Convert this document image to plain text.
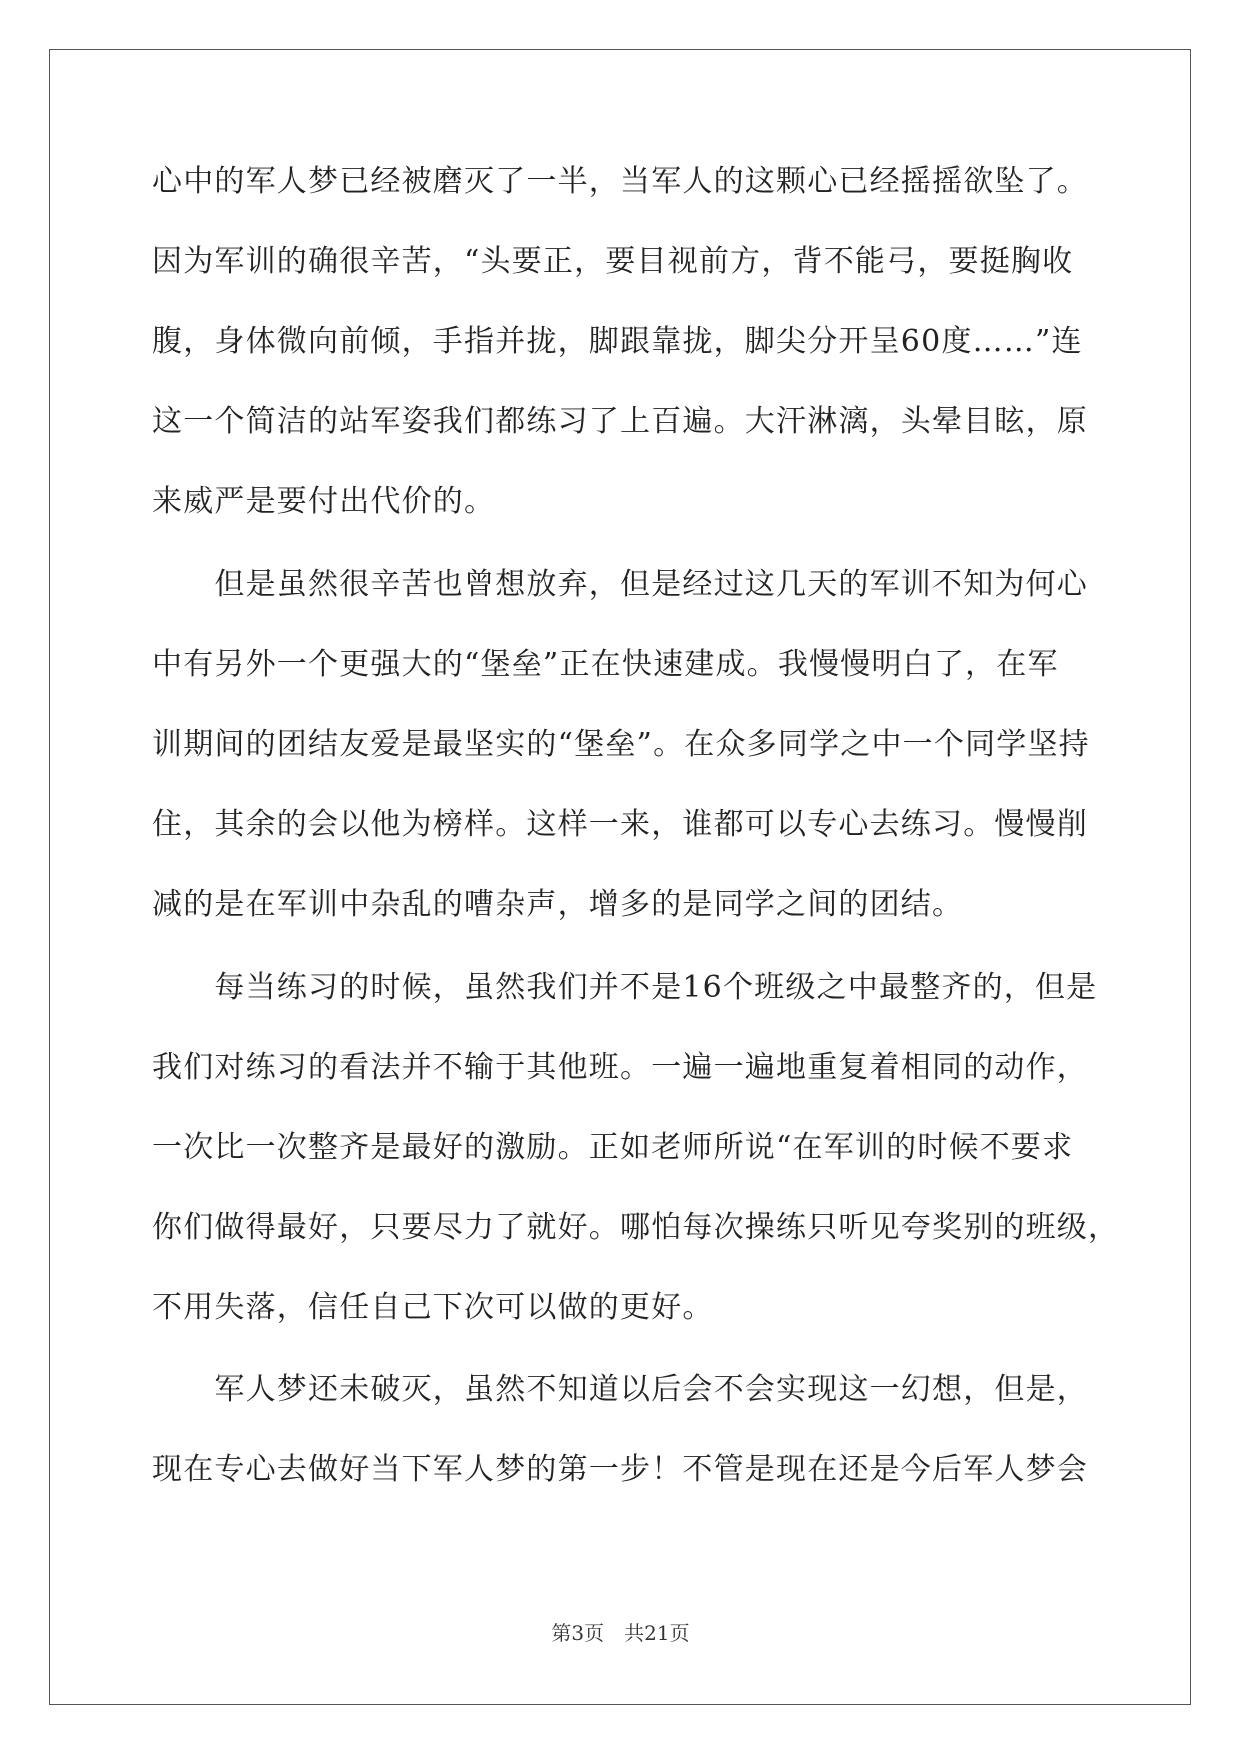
心中的军人梦已经被磨灭了一半，当军人的这颗心已经摇摇欲坠了。
因为军训的确很辛苦，“头要正，要目视前方，背不能弓，要挺胸收
腹，身体微向前倾，手指并拢，脚跟靠拢，脚尖分开呈60度……”连
这一个简洁的站军姿我们都练习了上百遍。大汗淋漓，头晕目眩，原
来威严是要付出代价的。
　　但是虽然很辛苦也曾想放弃，但是经过这几天的军训不知为何心
中有另外一个更强大的“堡垒”正在快速建成。我慢慢明白了，在军
训期间的团结友爱是最坚实的“堡垒”。在众多同学之中一个同学坚持
住，其余的会以他为榜样。这样一来，谁都可以专心去练习。慢慢削
减的是在军训中杂乱的嘈杂声，增多的是同学之间的团结。
　　每当练习的时候，虽然我们并不是16个班级之中最整齐的，但是
我们对练习的看法并不输于其他班。一遍一遍地重复着相同的动作，
一次比一次整齐是最好的激励。正如老师所说“在军训的时候不要求
你们做得最好，只要尽力了就好。哪怕每次操练只听见夸奖别的班级，
不用失落，信任自己下次可以做的更好。
　　军人梦还未破灭，虽然不知道以后会不会实现这一幻想，但是，
现在专心去做好当下军人梦的第一步！不管是现在还是今后军人梦会
第3页　共21页
